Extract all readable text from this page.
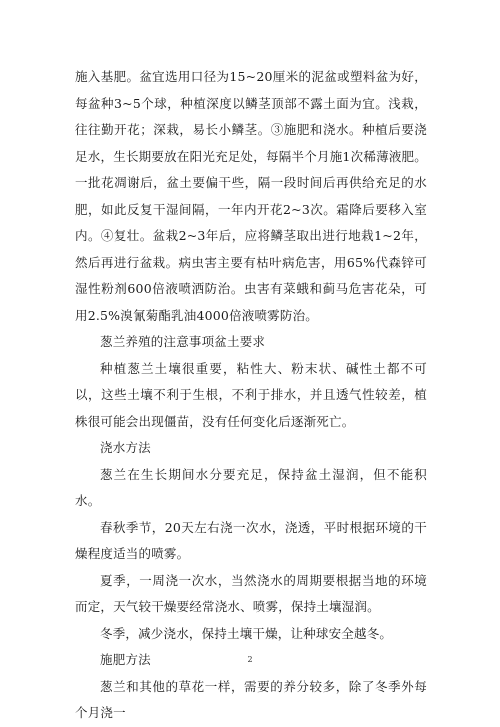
施入基肥。盆宜选用口径为15~20厘米的泥盆或塑料盆为好，每盆种3~5个球，种植深度以鳞茎顶部不露土面为宜。浅栽，往往勤开花；深栽，易长小鳞茎。③施肥和浇水。种植后要浇足水，生长期要放在阳光充足处，每隔半个月施1次稀薄液肥。一批花凋谢后，盆土要偏干些，隔一段时间后再供给充足的水肥，如此反复干湿间隔，一年内开花2~3次。霜降后要移入室内。④复壮。盆栽2~3年后，应将鳞茎取出进行地栽1~2年，然后再进行盆栽。病虫害主要有枯叶病危害，用65%代森锌可湿性粉剂600倍液喷洒防治。虫害有菜蛾和蓟马危害花朵，可用2.5%溴氰菊酯乳油4000倍液喷雾防治。

葱兰养殖的注意事项盆土要求

种植葱兰土壤很重要，粘性大、粉末状、碱性土都不可以，这些土壤不利于生根，不利于排水，并且透气性较差，植株很可能会出现僵苗，没有任何变化后逐渐死亡。

浇水方法

葱兰在生长期间水分要充足，保持盆土湿润，但不能积水。

春秋季节，20天左右浇一次水，浇透，平时根据环境的干燥程度适当的喷雾。

夏季，一周浇一次水，当然浇水的周期要根据当地的环境而定，天气较干燥要经常浇水、喷雾，保持土壤湿润。

冬季，减少浇水，保持土壤干燥，让种球安全越冬。

施肥方法

葱兰和其他的草花一样，需要的养分较多，除了冬季外每个月浇一

2
